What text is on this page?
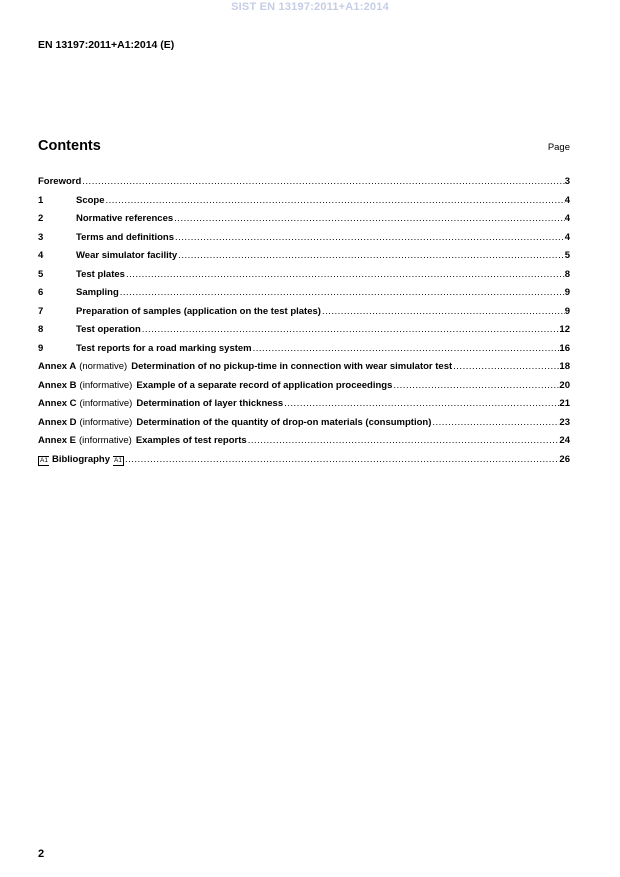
SIST EN 13197:2011+A1:2014
EN 13197:2011+A1:2014 (E)
Contents	Page
Foreword .....	3
1	Scope .....	4
2	Normative references .....	4
3	Terms and definitions .....	4
4	Wear simulator facility .....	5
5	Test plates .....	8
6	Sampling .....	9
7	Preparation of samples (application on the test plates) .....	9
8	Test operation .....	12
9	Test reports for a road marking system .....	16
Annex A (normative) Determination of no pickup-time in connection with wear simulator test .....	18
Annex B (informative) Example of a separate record of application proceedings .....	20
Annex C (informative) Determination of layer thickness .....	21
Annex D (informative) Determination of the quantity of drop-on materials (consumption) .....	23
Annex E (informative) Examples of test reports .....	24
A1 Bibliography A1 .....	26
2
